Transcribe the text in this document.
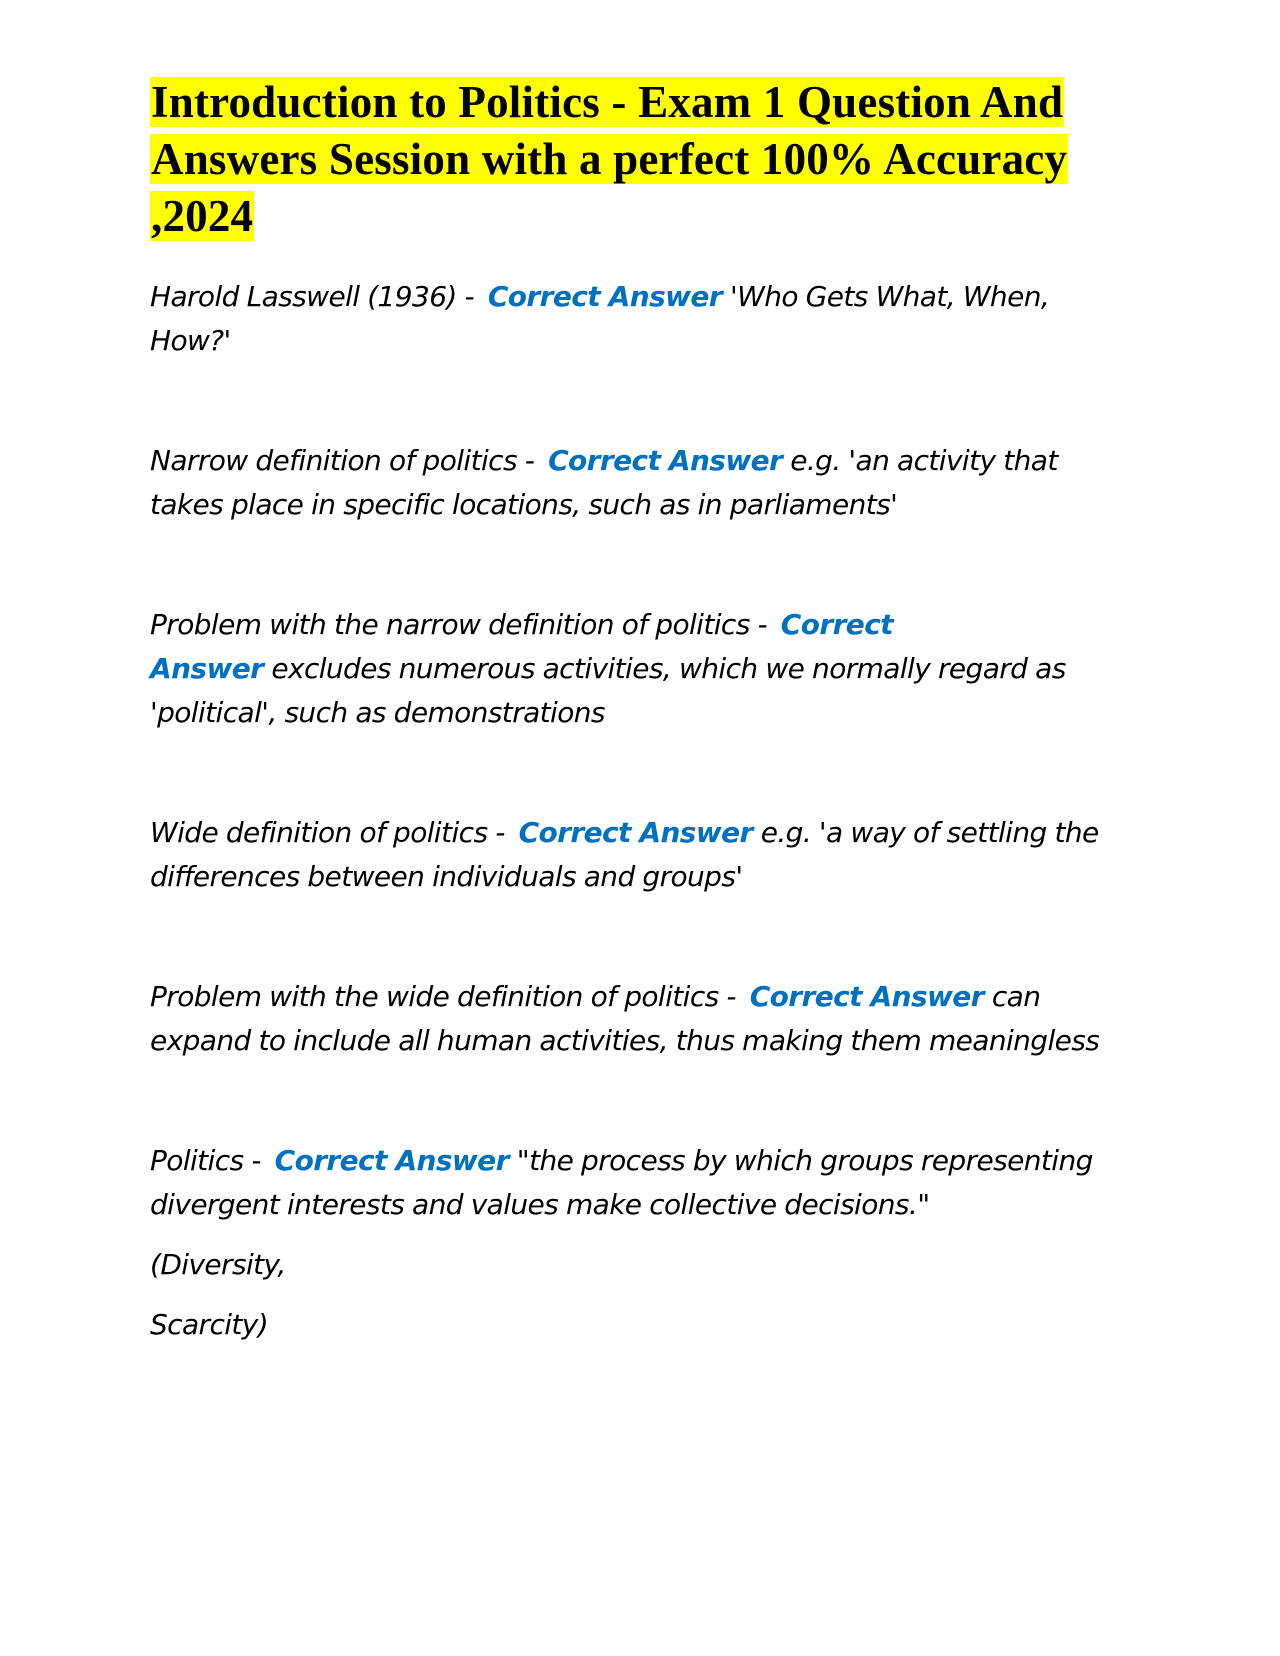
Introduction to Politics - Exam 1 Question And Answers Session with a perfect 100% Accuracy ,2024

Harold Lasswell (1936) - Correct Answer 'Who Gets What, When, How?'

Narrow definition of politics - Correct Answer e.g. 'an activity that takes place in specific locations, such as in parliaments'

Problem with the narrow definition of politics - Correct Answer excludes numerous activities, which we normally regard as 'political', such as demonstrations

Wide definition of politics - Correct Answer e.g. 'a way of settling the differences between individuals and groups'

Problem with the wide definition of politics - Correct Answer can expand to include all human activities, thus making them meaningless

Politics - Correct Answer "the process by which groups representing divergent interests and values make collective decisions."

(Diversity,

Scarcity)
